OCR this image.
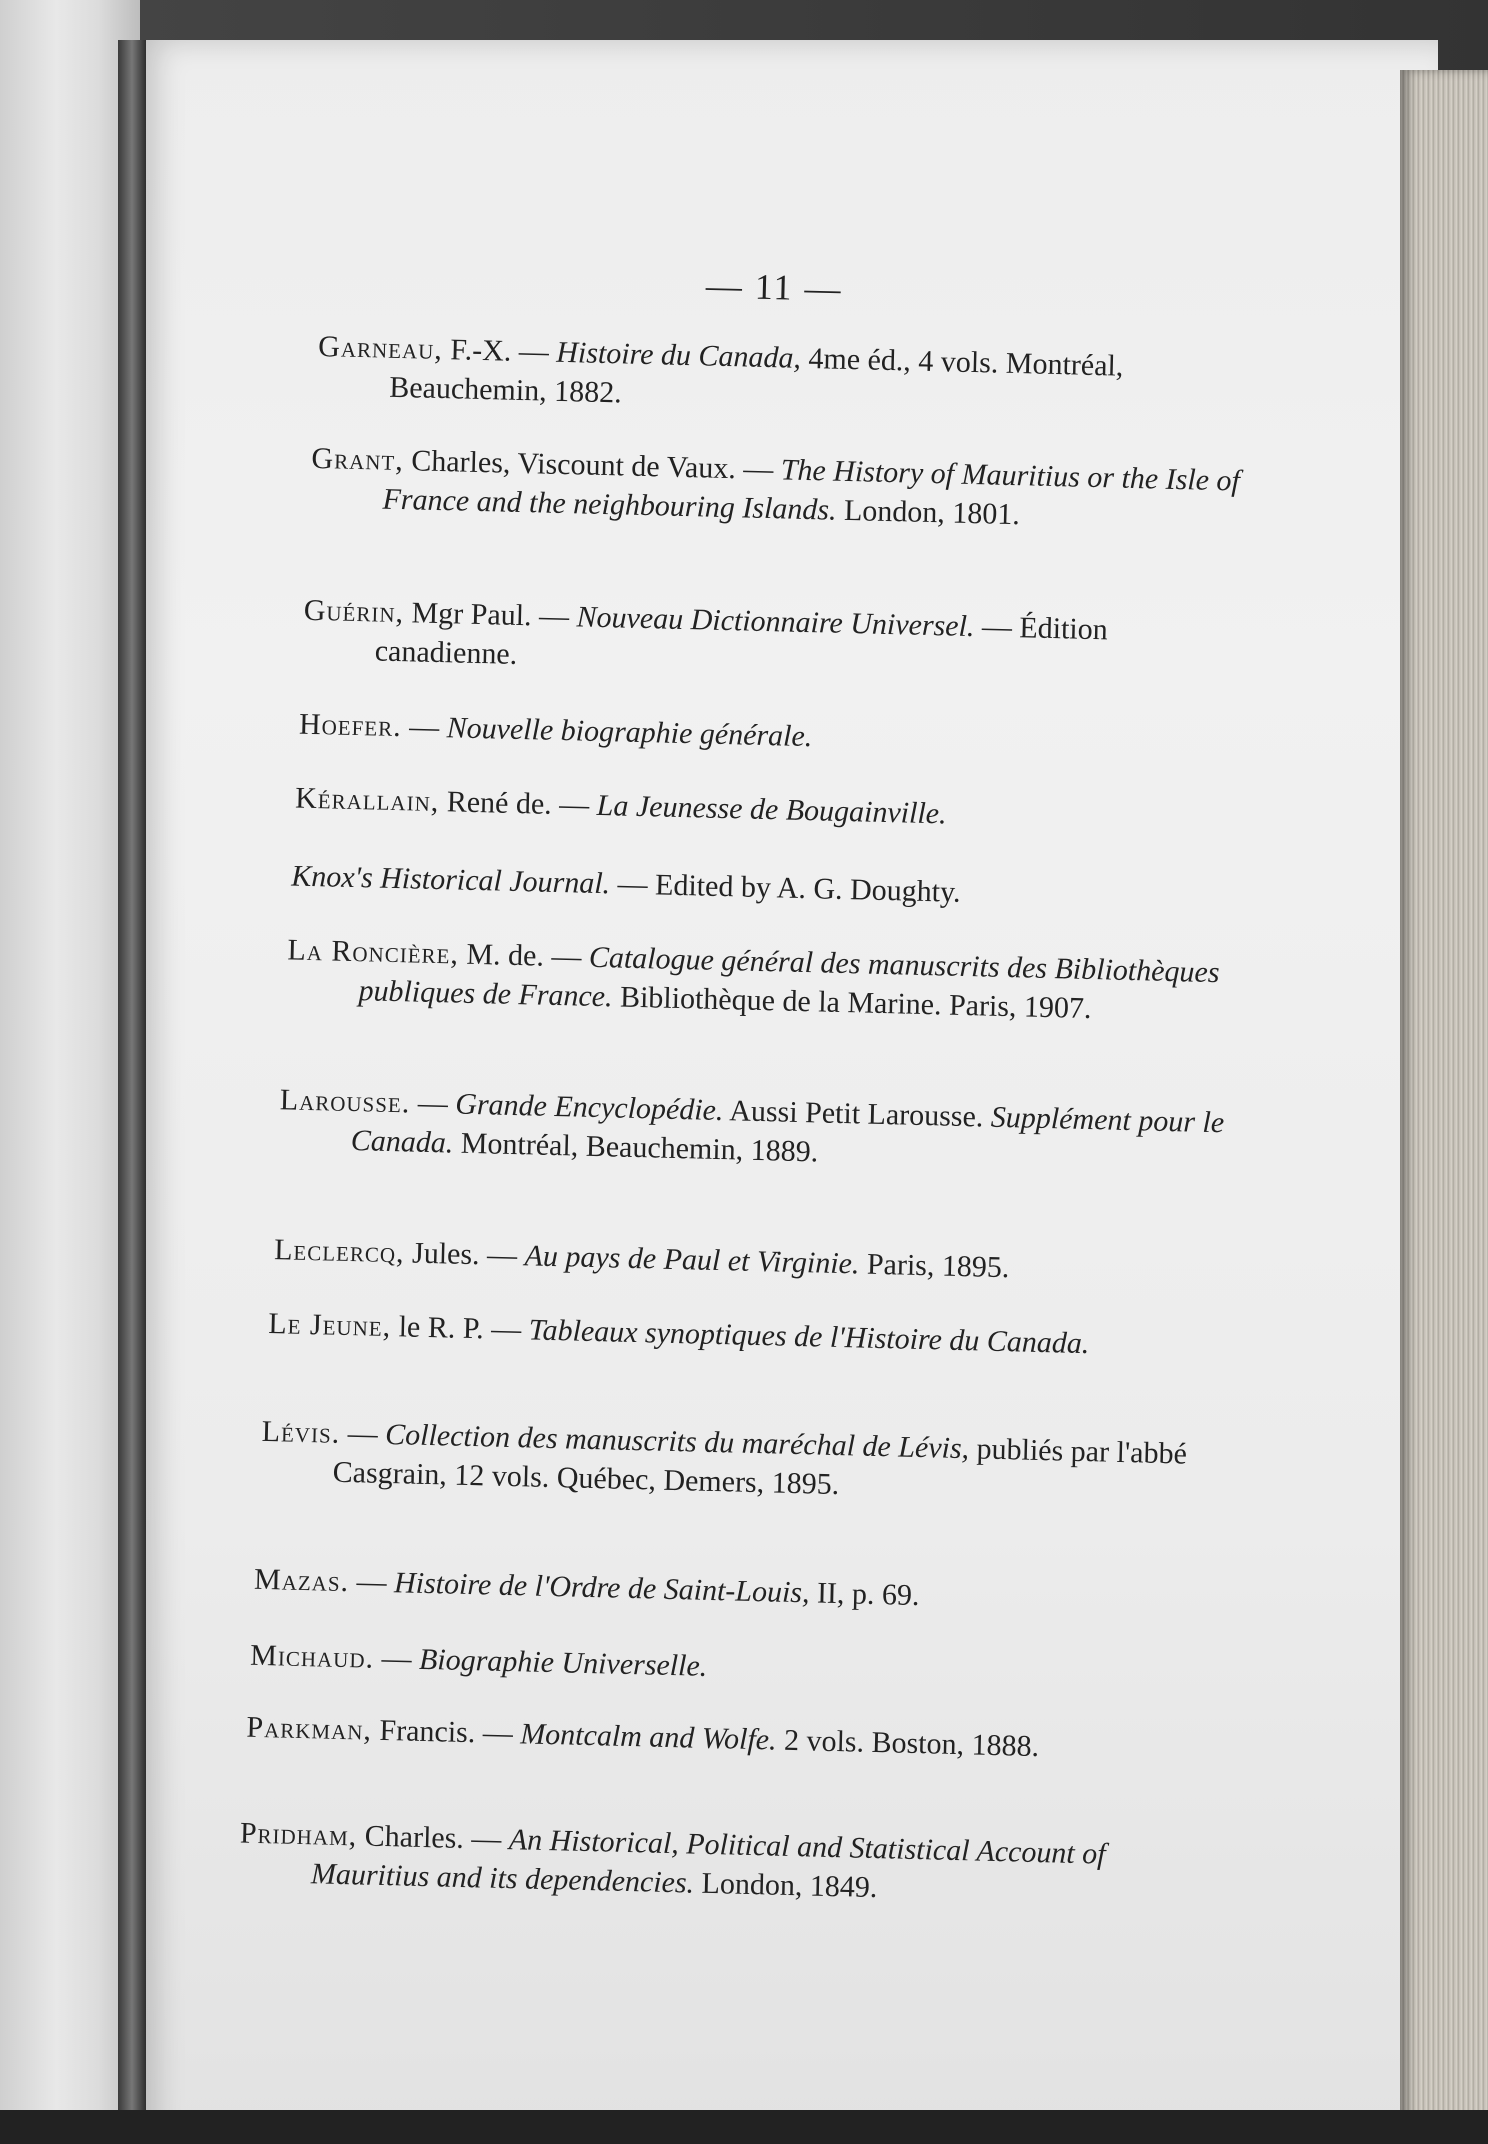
— 11 —
Garneau, F.-X. — Histoire du Canada, 4me éd., 4 vols. Montréal, Beauchemin, 1882.
Grant, Charles, Viscount de Vaux. — The History of Mauritius or the Isle of France and the neighbouring Islands. London, 1801.
Guérin, Mgr Paul. — Nouveau Dictionnaire Universel. — Édition canadienne.
Hoefer. — Nouvelle biographie générale.
Kérallain, René de. — La Jeunesse de Bougainville.
Knox's Historical Journal. — Edited by A. G. Doughty.
La Roncière, M. de. — Catalogue général des manuscrits des Bibliothèques publiques de France. Bibliothèque de la Marine. Paris, 1907.
Larousse. — Grande Encyclopédie. Aussi Petit Larousse. Supplément pour le Canada. Montréal, Beauchemin, 1889.
Leclercq, Jules. — Au pays de Paul et Virginie. Paris, 1895.
Le Jeune, le R. P. — Tableaux synoptiques de l'Histoire du Canada.
Lévis. — Collection des manuscrits du maréchal de Lévis, publiés par l'abbé Casgrain, 12 vols. Québec, Demers, 1895.
Mazas. — Histoire de l'Ordre de Saint-Louis, II, p. 69.
Michaud. — Biographie Universelle.
Parkman, Francis. — Montcalm and Wolfe. 2 vols. Boston, 1888.
Pridham, Charles. — An Historical, Political and Statistical Account of Mauritius and its dependencies. London, 1849.
